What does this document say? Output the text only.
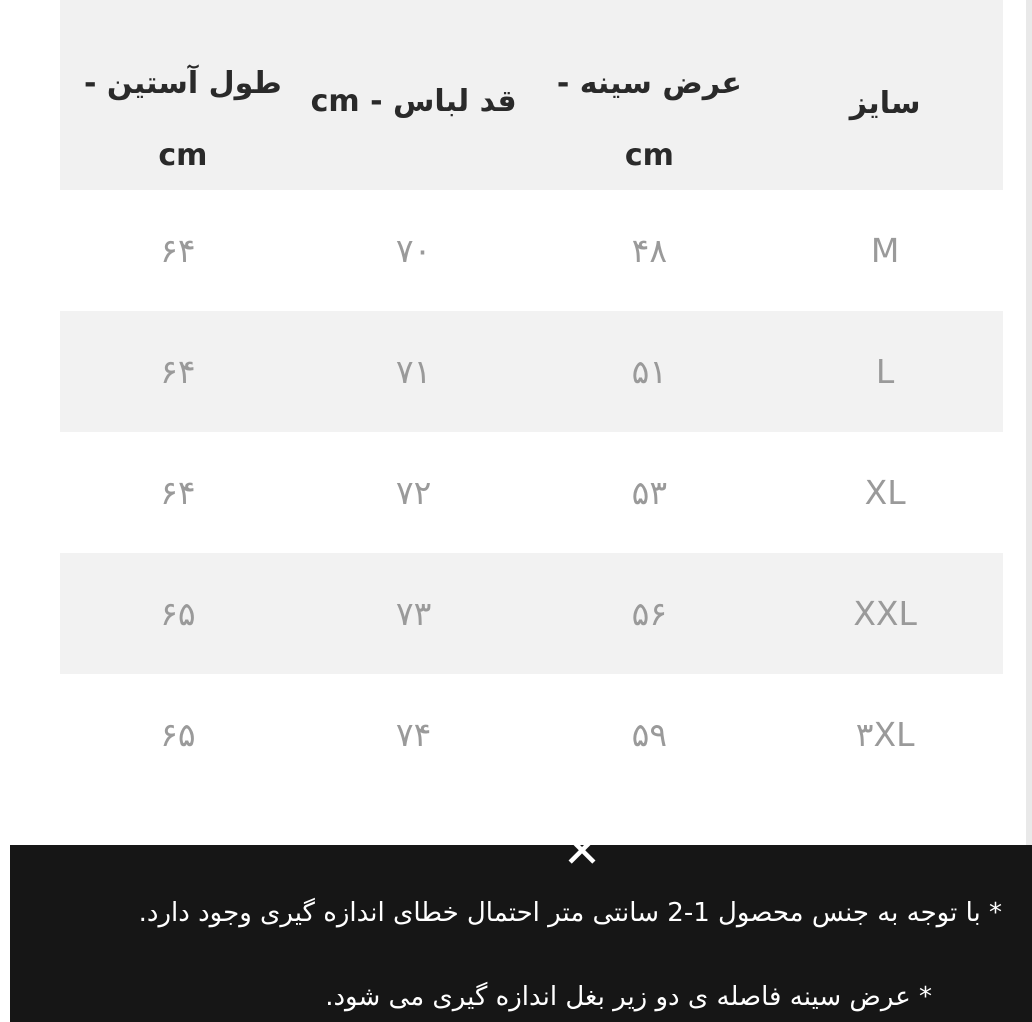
سایز
عرض سینه - cm
قد لباس - cm
طول آستین - cm
M
۴۸
۷۰
۶۴
L
۵۱
۷۱
۶۴
XL
۵۳
۷۲
۶۴
XXL
۵۶
۷۳
۶۵
۳XL
۵۹
۷۴
۶۵
✕
* با توجه به جنس محصول 1-2 سانتی متر احتمال خطای اندازه گیری وجود دارد.
* عرض سینه فاصله ی دو زیر بغل اندازه گیری می شود.
